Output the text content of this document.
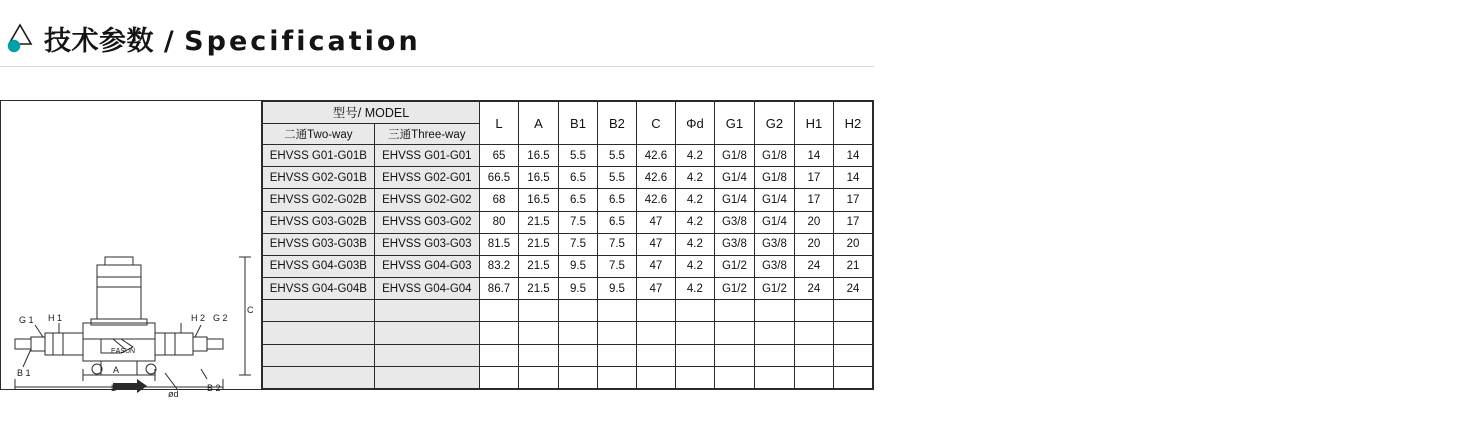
技术参数 / Specification
G 1 H 1	H 2 G 2
C
B 1	A
L
ød
B 2
EASUN
型号/ MODEL		L	A	B1	B2	C	Φd	G1	G2	H1	H2
二通Two-way	三通Three-way										
EHVSS G01-G01B	EHVSS G01-G01	65	16.5	5.5	5.5	42.6	4.2	G1/8	G1/8	14	14
EHVSS G02-G01B	EHVSS G02-G01	66.5	16.5	6.5	5.5	42.6	4.2	G1/4	G1/8	17	14
EHVSS G02-G02B	EHVSS G02-G02	68	16.5	6.5	6.5	42.6	4.2	G1/4	G1/4	17	17
EHVSS G03-G02B	EHVSS G03-G02	80	21.5	7.5	6.5	47	4.2	G3/8	G1/4	20	17
EHVSS G03-G03B	EHVSS G03-G03	81.5	21.5	7.5	7.5	47	4.2	G3/8	G3/8	20	20
EHVSS G04-G03B	EHVSS G04-G03	83.2	21.5	9.5	7.5	47	4.2	G1/2	G3/8	24	21
EHVSS G04-G04B	EHVSS G04-G04	86.7	21.5	9.5	9.5	47	4.2	G1/2	G1/2	24	24
